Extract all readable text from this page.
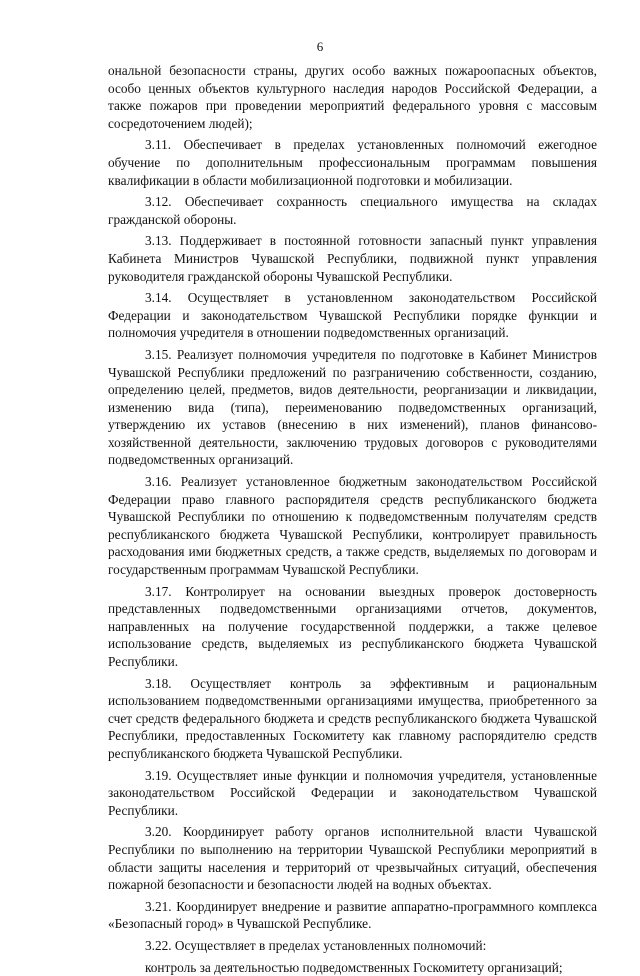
6

ональной безопасности страны, других особо важных пожароопасных объектов, особо ценных объектов культурного наследия народов Российской Федерации, а также пожаров при проведении мероприятий федерального уровня с массовым сосредоточением людей);

3.11. Обеспечивает в пределах установленных полномочий ежегодное обучение по дополнительным профессиональным программам повышения квалификации в области мобилизационной подготовки и мобилизации.

3.12. Обеспечивает сохранность специального имущества на складах гражданской обороны.

3.13. Поддерживает в постоянной готовности запасный пункт управления Кабинета Министров Чувашской Республики, подвижной пункт управления руководителя гражданской обороны Чувашской Республики.

3.14. Осуществляет в установленном законодательством Российской Федерации и законодательством Чувашской Республики порядке функции и полномочия учредителя в отношении подведомственных организаций.

3.15. Реализует полномочия учредителя по подготовке в Кабинет Министров Чувашской Республики предложений по разграничению собственности, созданию, определению целей, предметов, видов деятельности, реорганизации и ликвидации, изменению вида (типа), переименованию подведомственных организаций, утверждению их уставов (внесению в них изменений), планов финансово-хозяйственной деятельности, заключению трудовых договоров с руководителями подведомственных организаций.

3.16. Реализует установленное бюджетным законодательством Российской Федерации право главного распорядителя средств республиканского бюджета Чувашской Республики по отношению к подведомственным получателям средств республиканского бюджета Чувашской Республики, контролирует правильность расходования ими бюджетных средств, а также средств, выделяемых по договорам и государственным программам Чувашской Республики.

3.17. Контролирует на основании выездных проверок достоверность представленных подведомственными организациями отчетов, документов, направленных на получение государственной поддержки, а также целевое использование средств, выделяемых из республиканского бюджета Чувашской Республики.

3.18. Осуществляет контроль за эффективным и рациональным использованием подведомственными организациями имущества, приобретенного за счет средств федерального бюджета и средств республиканского бюджета Чувашской Республики, предоставленных Госкомитету как главному распорядителю средств республиканского бюджета Чувашской Республики.

3.19. Осуществляет иные функции и полномочия учредителя, установленные законодательством Российской Федерации и законодательством Чувашской Республики.

3.20. Координирует работу органов исполнительной власти Чувашской Республики по выполнению на территории Чувашской Республики мероприятий в области защиты населения и территорий от чрезвычайных ситуаций, обеспечения пожарной безопасности и безопасности людей на водных объектах.

3.21. Координирует внедрение и развитие аппаратно-программного комплекса «Безопасный город» в Чувашской Республике.

3.22. Осуществляет в пределах установленных полномочий:

контроль за деятельностью подведомственных Госкомитету организаций;
